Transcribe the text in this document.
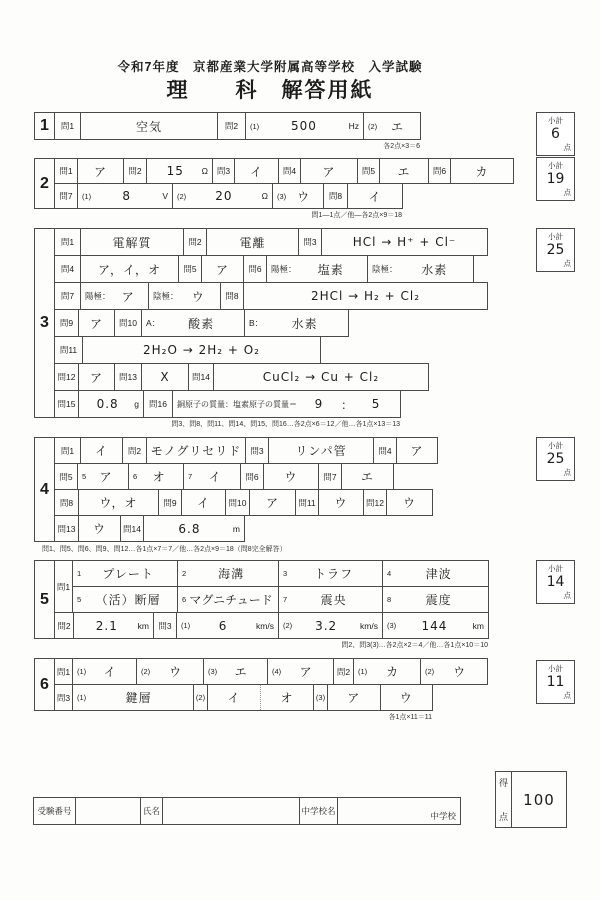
令和7年度　京都産業大学附属高等学校　入学試験
理　　科　解答用紙
1	問1	空気	問2	(1)	500	Hz (2)	エ
各2点×3＝6
小計
6
点
2
問1	ア	問2	15	Ω	問3	イ	問4	ア	問5	エ	問6	カ
問7	(1)	8	V (2)	20	Ω (3) ウ	問8	イ
問1―1点／他―各2点×9＝18
小計
19
点
3
問1	電解質	問2	電離	問3	HCl → H⁺ + Cl⁻
問4	ア，イ，オ	問5	ア	問6	陽極：	塩素	陰極：	水素
問7	陽極： ア	陰極：	ウ	問8	2HCl → H₂ + Cl₂
問9	ア	問10	A：	酸素	B：	水素
問11	2H₂O → 2H₂ + O₂
問12	ア	問13	X	問14	CuCl₂ → Cu + Cl₂
問15	0.8	g	問16	銅原子の質量：塩素原子の質量＝	9	：	5
問3、問8、問11、問14、問15、問16…各2点×6＝12／他…各1点×13＝13
小計
25
点
4
問1	イ	問2 モノグリセリド	問3	リンパ管	問4	ア
問5	5	ア	6	オ	7	イ	問6	ウ	問7	エ
問8	ウ，オ	問9	イ	問10	ア	問11	ウ	問12	ウ
問13	ウ	問14	6.8	m
問1、問5、問6、問9、問12…各1点×7＝7／他…各2点×9＝18（問8完全解答）
小計
25
点
5
問1
1	プレート	2	海溝	3	トラフ	4	津波
5	（活）断層	6 マグニチュード 7	震央	8	震度
問2	2.1	km	問3	(1)	6	km/s (2)	3.2	km/s (3)	144	km
問2、問3(3)…各2点×2＝4／他…各1点×10＝10
小計
14
点
6
問1 (1)	イ	(2)	ウ	(3)	エ	(4)	ア	問2	(1)	カ	(2)	ウ
問3 (1)	鍵層	(2)	イ	オ	(3)	ア	ウ
各1点×11＝11
小計
11
点
受験番号	氏名	中学校名	中学校
得
点
100
